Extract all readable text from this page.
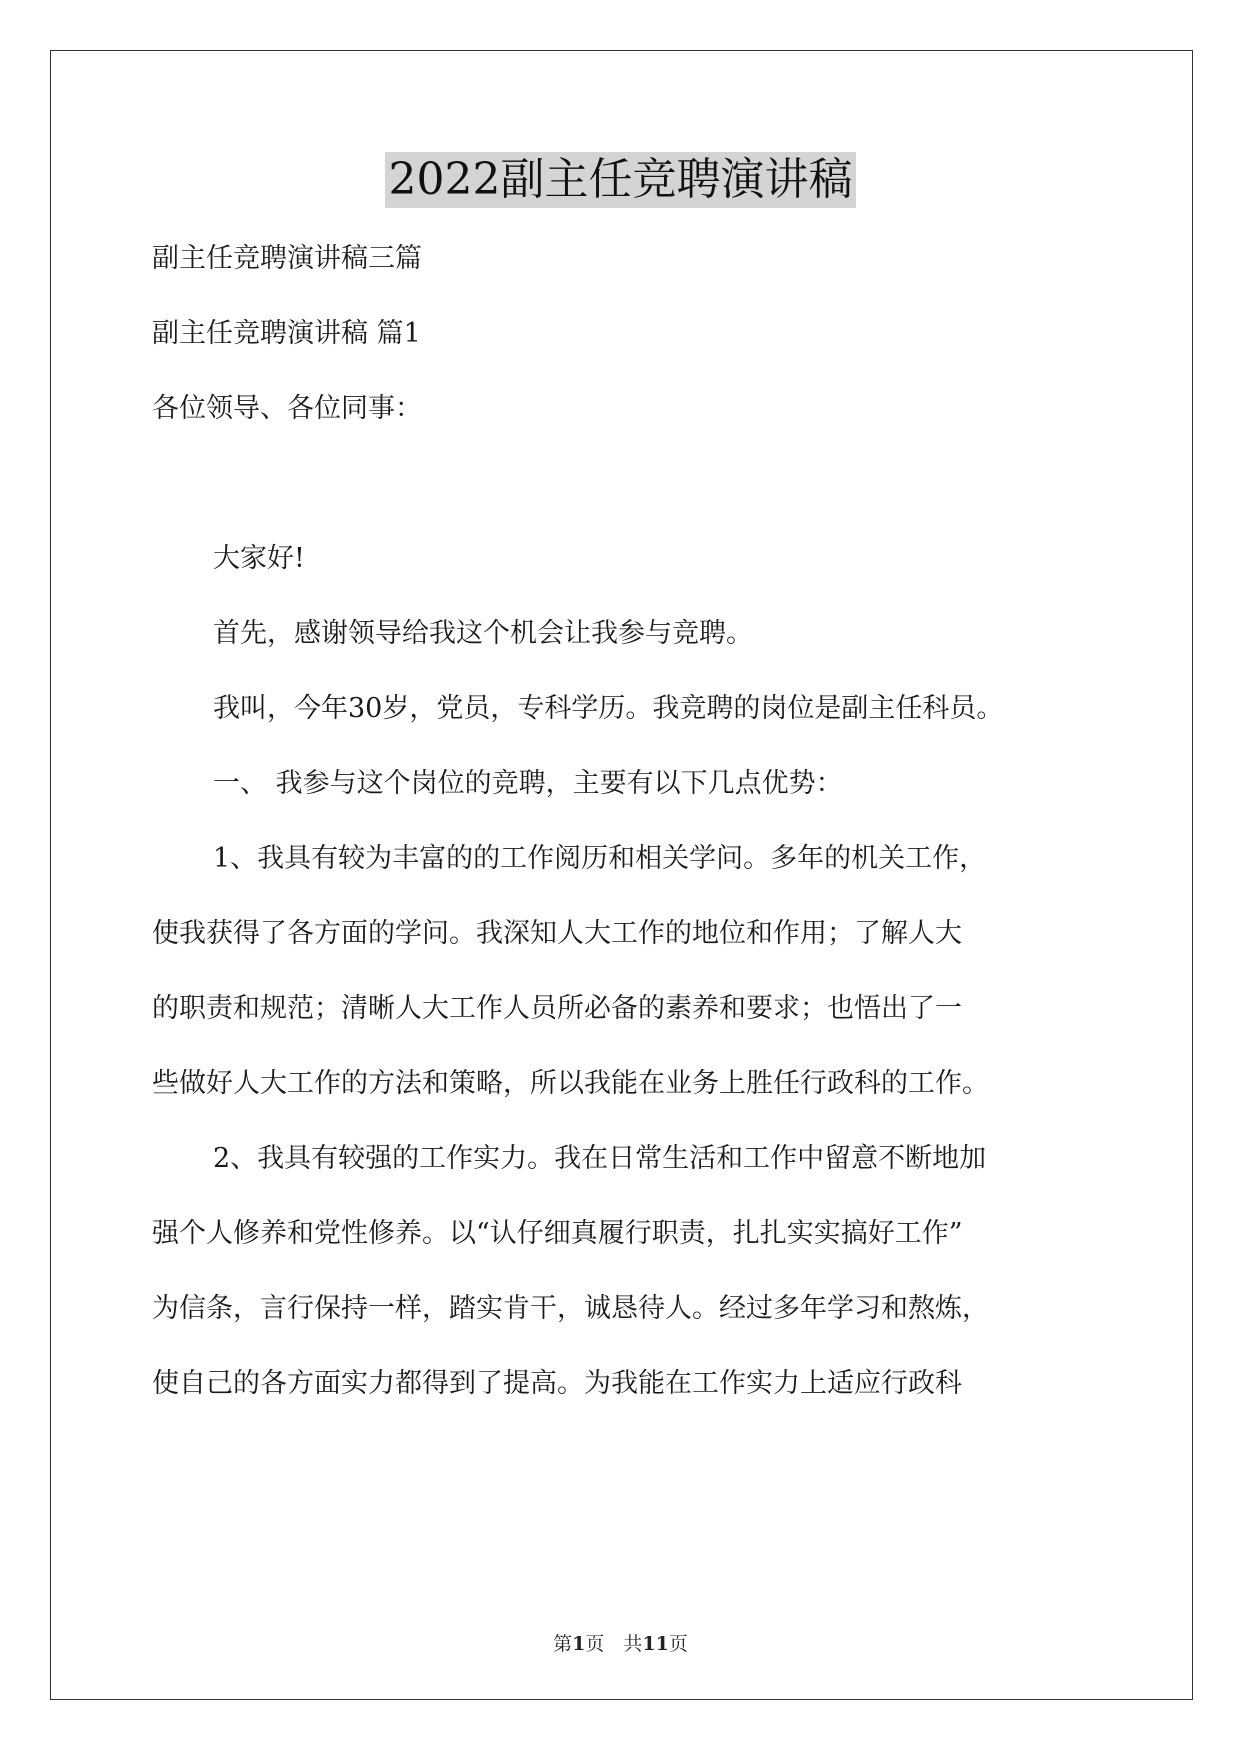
2022副主任竞聘演讲稿
副主任竞聘演讲稿三篇
副主任竞聘演讲稿 篇1
各位领导、各位同事：
大家好!
首先，感谢领导给我这个机会让我参与竞聘。
我叫，今年30岁，党员，专科学历。我竞聘的岗位是副主任科员。
一、 我参与这个岗位的竞聘，主要有以下几点优势：
1、我具有较为丰富的的工作阅历和相关学问。多年的机关工作，
使我获得了各方面的学问。我深知人大工作的地位和作用；了解人大
的职责和规范；清晰人大工作人员所必备的素养和要求；也悟出了一
些做好人大工作的方法和策略，所以我能在业务上胜任行政科的工作。
2、我具有较强的工作实力。我在日常生活和工作中留意不断地加
强个人修养和党性修养。以“认仔细真履行职责，扎扎实实搞好工作”
为信条，言行保持一样，踏实肯干，诚恳待人。经过多年学习和熬炼，
使自己的各方面实力都得到了提高。为我能在工作实力上适应行政科
第1页　共11页
